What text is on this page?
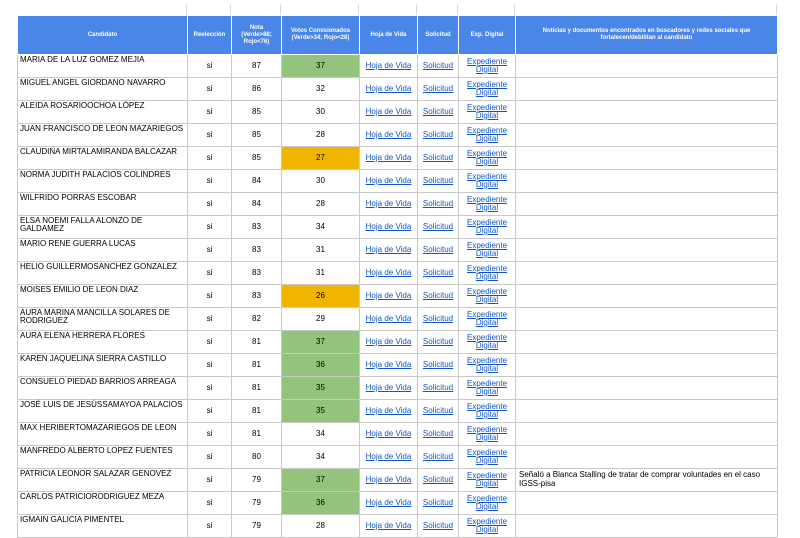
Candidato	Reelección	Nota (Verde>88; Rojo<76)	Votos Comisionados (Verde>34; Rojo<28)	Hoja de Vida	Solicitud	Exp. Digital	Noticias y documentos encontrados en buscadores y redes sociales que fortalecen/debilitan al candidato
MARIA DE LA LUZ GOMEZ MEJIA	si	87	37	Hoja de Vida	Solicitud	Expediente
Digital	
MIGUEL ANGEL GIORDANO NAVARRO	si	86	32	Hoja de Vida	Solicitud	Expediente
Digital	
ALEIDA ROSARIOOCHOA LÓPEZ	si	85	30	Hoja de Vida	Solicitud	Expediente
Digital	
JUAN FRANCISCO DE LEON MAZARIEGOS	si	85	28	Hoja de Vida	Solicitud	Expediente
Digital	
CLAUDINA MIRTALAMIRANDA BALCAZAR	si	85	27	Hoja de Vida	Solicitud	Expediente
Digital	
NORMA JUDITH PALACIOS COLINDRES	si	84	30	Hoja de Vida	Solicitud	Expediente
Digital	
WILFRIDO PORRAS ESCOBAR	si	84	28	Hoja de Vida	Solicitud	Expediente
Digital	
ELSA NOEMI FALLA ALONZO DE GALDAMEZ	si	83	34	Hoja de Vida	Solicitud	Expediente
Digital	
MARIO RENE GUERRA LUCAS	si	83	31	Hoja de Vida	Solicitud	Expediente
Digital	
HELIO GUILLERMOSANCHEZ GONZALEZ	si	83	31	Hoja de Vida	Solicitud	Expediente
Digital	
MOISES EMILIO DE LEON DIAZ	si	83	26	Hoja de Vida	Solicitud	Expediente
Digital	
AURA MARINA MANCILLA SOLARES DE RODRIGUEZ	si	82	29	Hoja de Vida	Solicitud	Expediente
Digital	
AURA ELENA HERRERA FLORES	si	81	37	Hoja de Vida	Solicitud	Expediente
Digital	
KAREN JAQUELINA SIERRA CASTILLO	si	81	36	Hoja de Vida	Solicitud	Expediente
Digital	
CONSUELO PIEDAD BARRIOS ARREAGA	si	81	35	Hoja de Vida	Solicitud	Expediente
Digital	
JOSÉ LUIS DE JESÚSSAMAYOA PALACIOS	si	81	35	Hoja de Vida	Solicitud	Expediente
Digital	
MAX HERIBERTOMAZARIEGOS DE LEON	si	81	34	Hoja de Vida	Solicitud	Expediente
Digital	
MANFREDO ALBERTO LOPEZ FUENTES	si	80	34	Hoja de Vida	Solicitud	Expediente
Digital	
PATRICIA LEONOR SALAZAR GENOVEZ	si	79	37	Hoja de Vida	Solicitud	Expediente
Digital	Señaló a Blanca Stalling de tratar de comprar voluntades en el caso IGSS-pisa
CARLOS PATRICIORODRIGUEZ MEZA	si	79	36	Hoja de Vida	Solicitud	Expediente
Digital	
IGMAIN GALICIA PIMENTEL	si	79	28	Hoja de Vida	Solicitud	Expediente
Digital	
